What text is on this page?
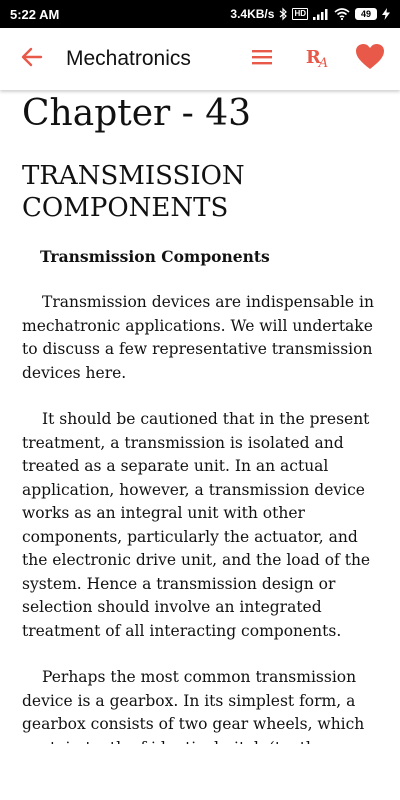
5:22 AM	3.4KB/s	HD	49
Mechatronics	$R_A$
Chapter - 43
TRANSMISSION COMPONENTS

Transmission Components

Transmission devices are indispensable in mechatronic applications. We will undertake to discuss a few representative transmission devices here.

It should be cautioned that in the present treatment, a transmission is isolated and treated as a separate unit. In an actual application, however, a transmission device works as an integral unit with other components, particularly the actuator, and the electronic drive unit, and the load of the system. Hence a transmission design or selection should involve an integrated treatment of all interacting components.

Perhaps the most common transmission device is a gearbox. In its simplest form, a gearbox consists of two gear wheels, which
